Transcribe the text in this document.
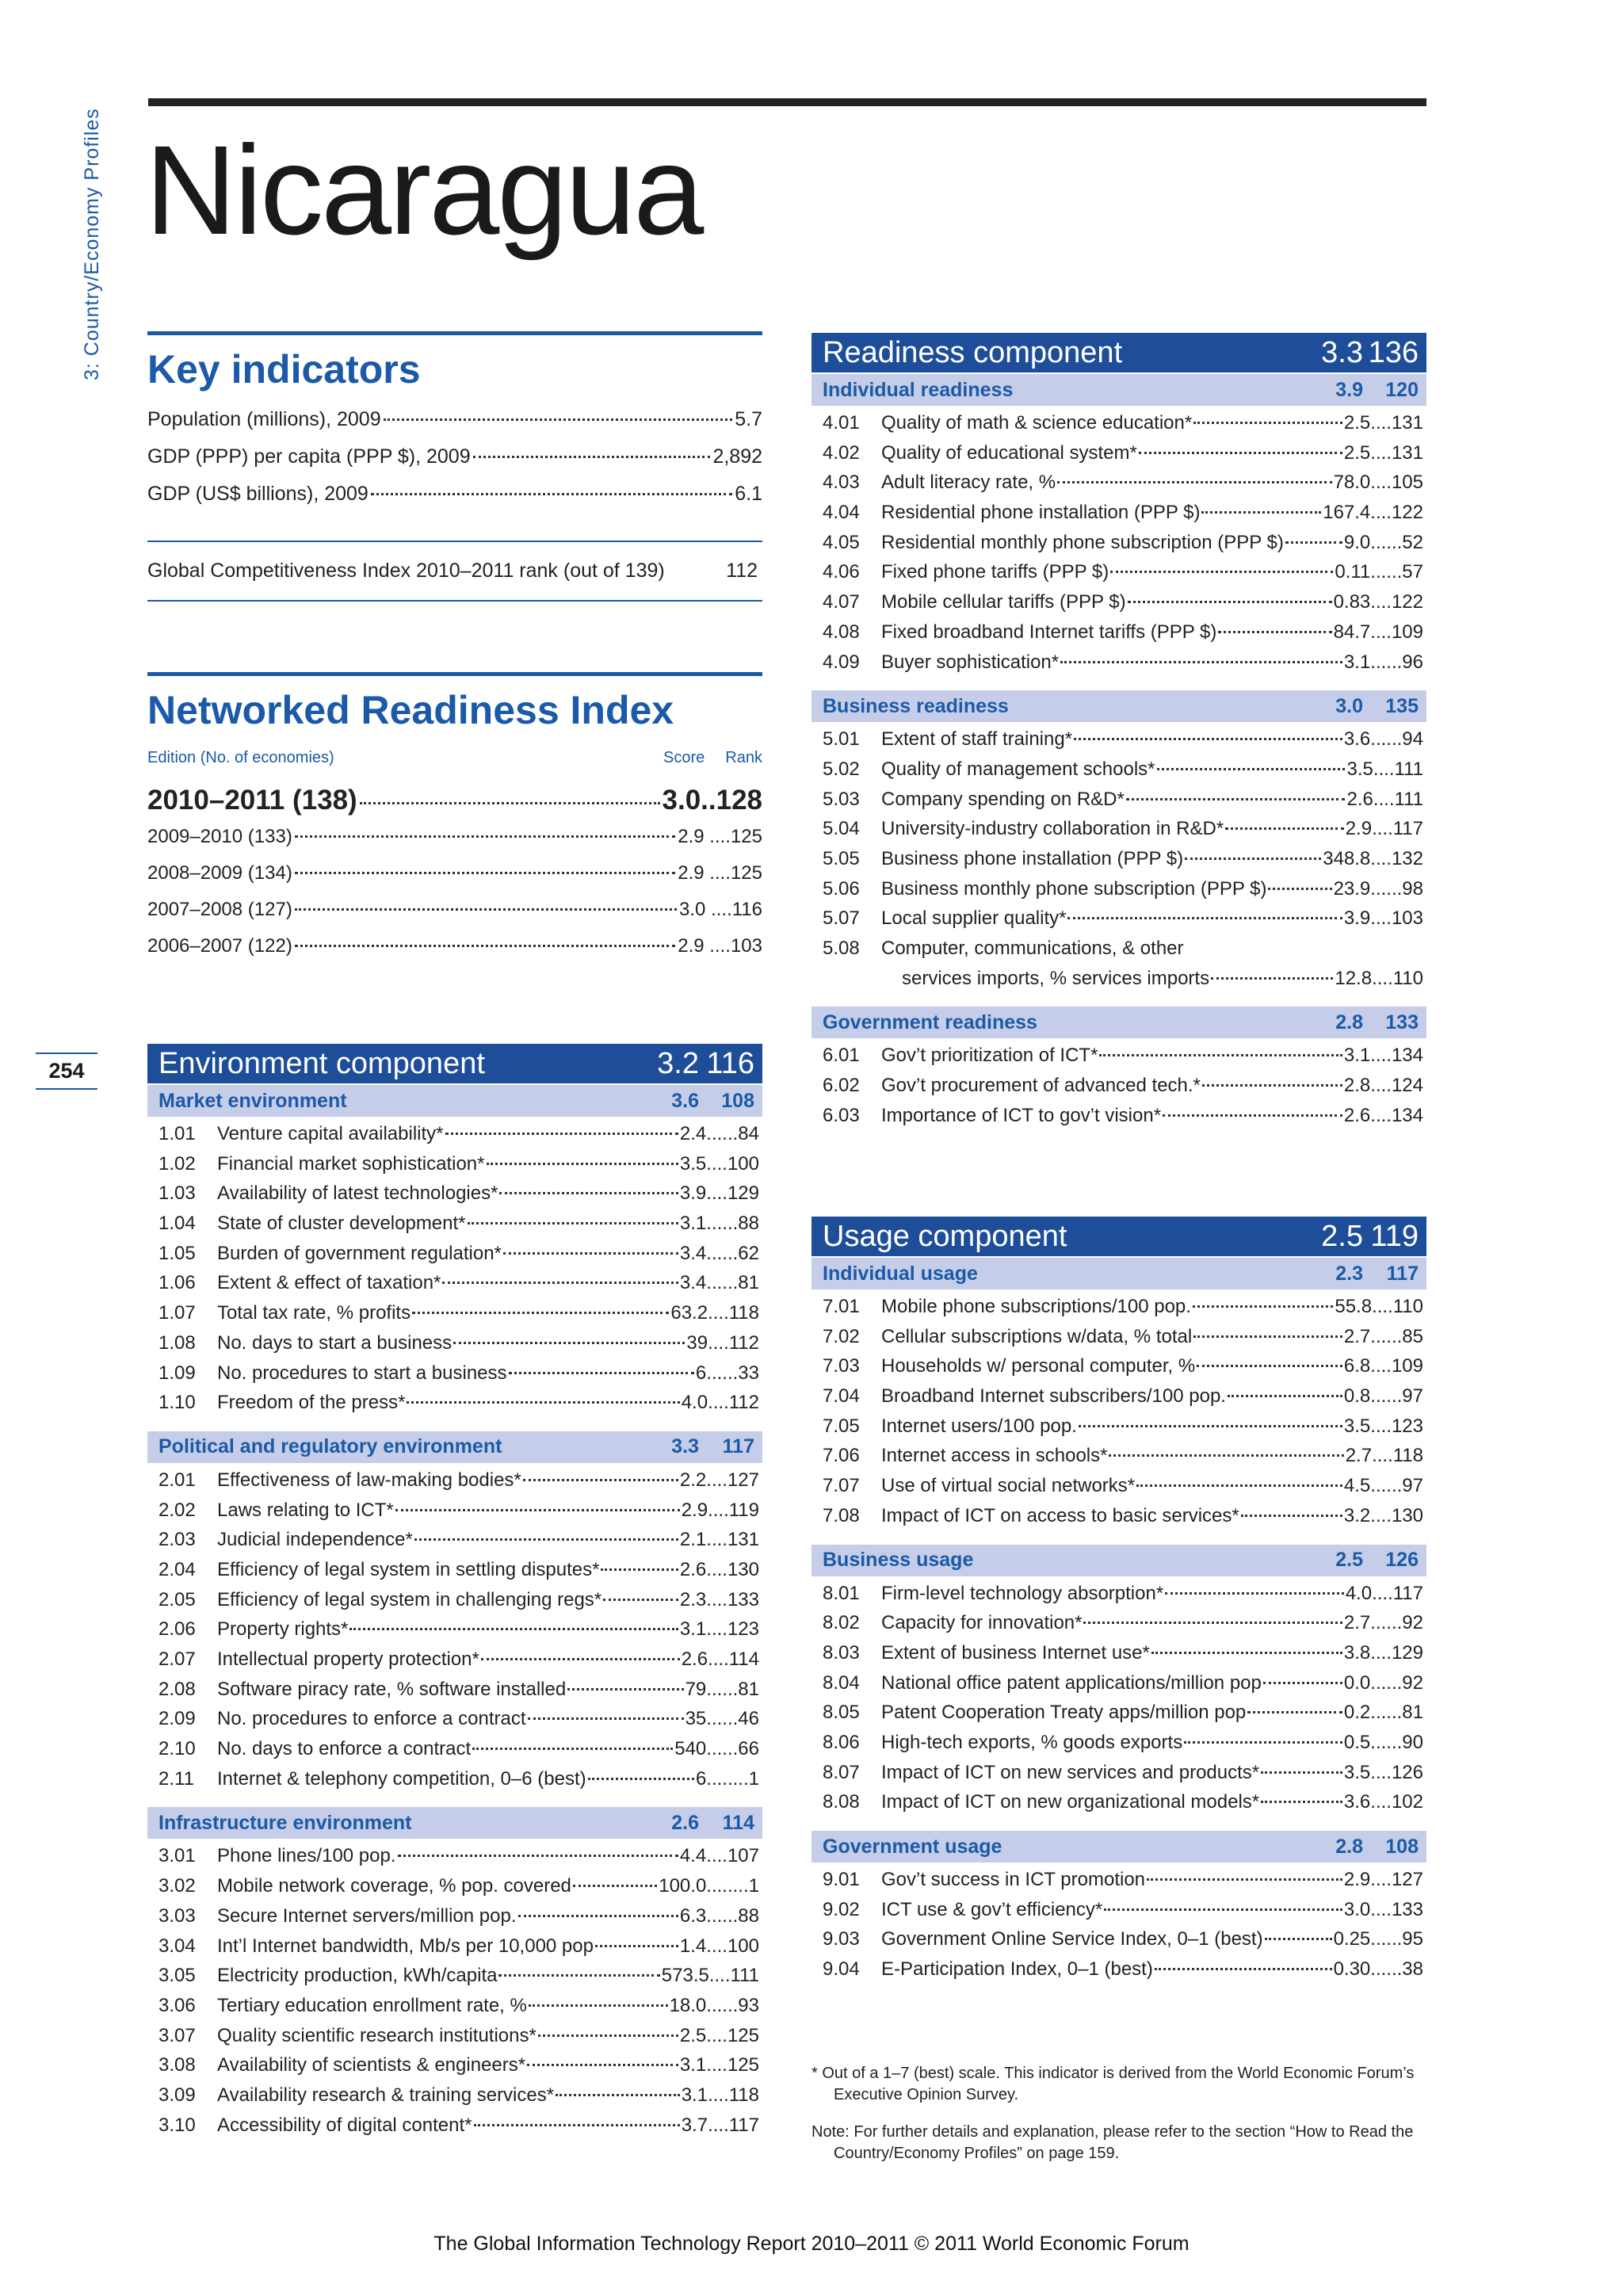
3: Country/Economy Profiles Nicaragua
254
Key indicators
Population (millions), 2009	5.7
GDP (PPP) per capita (PPP $), 2009	2,892
GDP (US$ billions), 2009	6.1
Global Competitiveness Index 2010–2011 rank (out of 139)	112
Networked Readiness Index
Edition (No. of economies)	Score Rank
2010–2011 (138)	3.0..128
2009–2010 (133)	2.9 ....125
2008–2009 (134)	2.9 ....125
2007–2008 (127)	3.0 ....116
2006–2007 (122)	2.9 ....103
Environment component	3.2 116
Market environment	3.6	108
1.01	Venture capital availability*	2.4 ...... 84
1.02	Financial market sophistication*	3.5 .... 100
1.03	Availability of latest technologies*	3.9 .... 129
1.04	State of cluster development*	3.1 ...... 88
1.05	Burden of government regulation*	3.4 ...... 62
1.06	Extent & effect of taxation*	3.4 ...... 81
1.07	Total tax rate, % profits	63.2 .... 118
1.08	No. days to start a business	39 .... 112
1.09	No. procedures to start a business	6 ...... 33
1.10	Freedom of the press*	4.0 .... 112
Political and regulatory environment	3.3	117
2.01	Effectiveness of law-making bodies*	2.2 .... 127
2.02	Laws relating to ICT*	2.9 .... 119
2.03	Judicial independence*	2.1 .... 131
2.04	Efficiency of legal system in settling disputes*	2.6 .... 130
2.05	Efficiency of legal system in challenging regs*	2.3 .... 133
2.06	Property rights*	3.1 .... 123
2.07	Intellectual property protection*	2.6 .... 114
2.08	Software piracy rate, % software installed	79 ...... 81
2.09	No. procedures to enforce a contract	35 ...... 46
2.10	No. days to enforce a contract	540 ...... 66
2.11	Internet & telephony competition, 0–6 (best)	6 ........ 1
Infrastructure environment	2.6	114
3.01	Phone lines/100 pop.	4.4 .... 107
3.02	Mobile network coverage, % pop. covered	100.0 ........ 1
3.03	Secure Internet servers/million pop.	6.3 ...... 88
3.04	Int’l Internet bandwidth, Mb/s per 10,000 pop	1.4 .... 100
3.05	Electricity production, kWh/capita	573.5 .... 111
3.06	Tertiary education enrollment rate, %	18.0 ...... 93
3.07	Quality scientific research institutions*	2.5 .... 125
3.08	Availability of scientists & engineers*	3.1 .... 125
3.09	Availability research & training services*	3.1 .... 118
3.10	Accessibility of digital content*	3.7 .... 117
Readiness component	3.3 136
Individual readiness	3.9	120
4.01	Quality of math & science education*	2.5 .... 131
4.02	Quality of educational system*	2.5 .... 131
4.03	Adult literacy rate, %	78.0 .... 105
4.04	Residential phone installation (PPP $)	167.4 .... 122
4.05	Residential monthly phone subscription (PPP $)	9.0 ...... 52
4.06	Fixed phone tariffs (PPP $)	0.11 ...... 57
4.07	Mobile cellular tariffs (PPP $)	0.83 .... 122
4.08	Fixed broadband Internet tariffs (PPP $)	84.7 .... 109
4.09	Buyer sophistication*	3.1 ...... 96
Business readiness	3.0	135
5.01	Extent of staff training*	3.6 ...... 94
5.02	Quality of management schools*	3.5 .... 111
5.03	Company spending on R&D*	2.6 .... 111
5.04	University-industry collaboration in R&D*	2.9 .... 117
5.05	Business phone installation (PPP $)	348.8 .... 132
5.06	Business monthly phone subscription (PPP $)	23.9 ...... 98
5.07	Local supplier quality*	3.9 .... 103
5.08	Computer, communications, & other
services imports, % services imports	12.8 .... 110
Government readiness	2.8	133
6.01	Gov’t prioritization of ICT*	3.1 .... 134
6.02	Gov’t procurement of advanced tech.*	2.8 .... 124
6.03	Importance of ICT to gov’t vision*	2.6 .... 134
Usage component	2.5 119
Individual usage	2.3	117
7.01	Mobile phone subscriptions/100 pop.	55.8 .... 110
7.02	Cellular subscriptions w/data, % total	2.7 ...... 85
7.03	Households w/ personal computer, %	6.8 .... 109
7.04	Broadband Internet subscribers/100 pop.	0.8 ...... 97
7.05	Internet users/100 pop.	3.5 .... 123
7.06	Internet access in schools*	2.7 .... 118
7.07	Use of virtual social networks*	4.5 ...... 97
7.08	Impact of ICT on access to basic services*	3.2 .... 130
Business usage	2.5	126
8.01	Firm-level technology absorption*	4.0 .... 117
8.02	Capacity for innovation*	2.7 ...... 92
8.03	Extent of business Internet use*	3.8 .... 129
8.04	National office patent applications/million pop	0.0 ...... 92
8.05	Patent Cooperation Treaty apps/million pop	0.2 ...... 81
8.06	High-tech exports, % goods exports	0.5 ...... 90
8.07	Impact of ICT on new services and products*	3.5 .... 126
8.08	Impact of ICT on new organizational models*	3.6 .... 102
Government usage	2.8	108
9.01	Gov’t success in ICT promotion	2.9 .... 127
9.02	ICT use & gov’t efficiency*	3.0 .... 133
9.03	Government Online Service Index, 0–1 (best)	0.25 ...... 95
9.04	E-Participation Index, 0–1 (best)	0.30 ...... 38

* Out of a 1–7 (best) scale. This indicator is derived from the World Economic Forum’s Executive Opinion Survey.

Note: For further details and explanation, please refer to the section “How to Read the Country/Economy Profiles” on page 159.

The Global Information Technology Report 2010–2011 © 2011 World Economic Forum
